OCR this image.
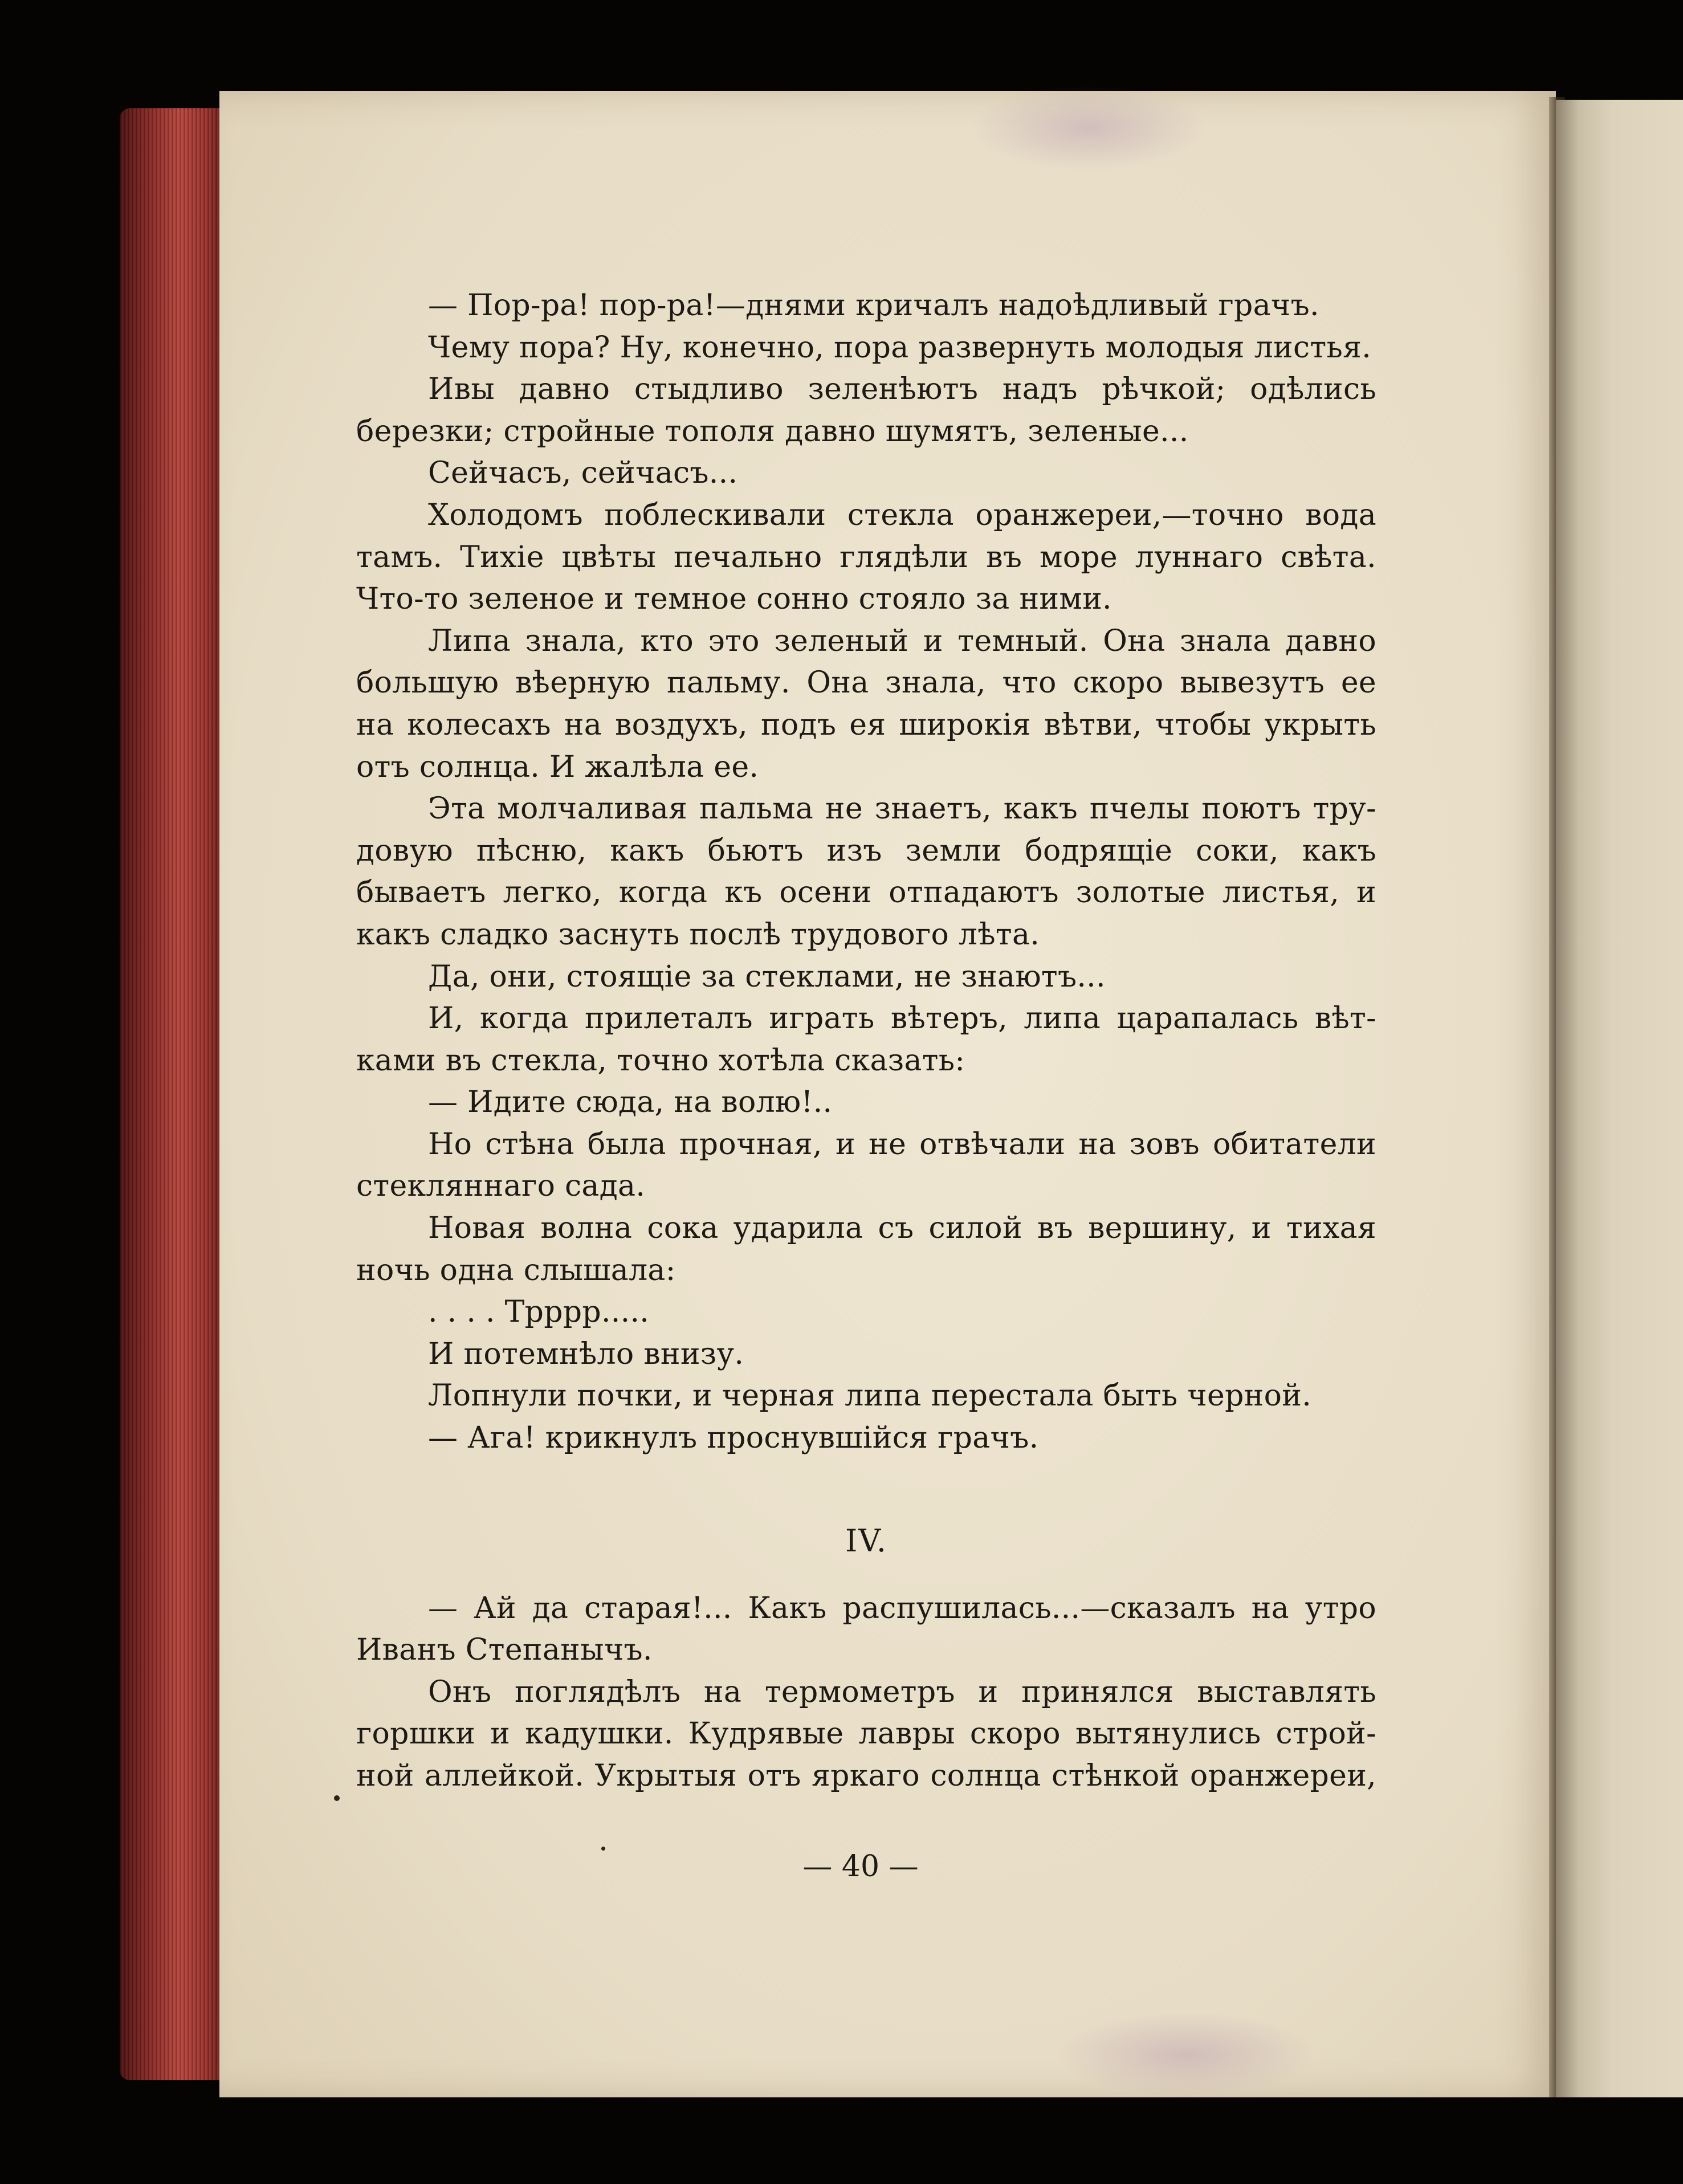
— Пор-ра! пор-ра!—днями кричалъ надоѣдливый грачъ.

Чему пора? Ну, конечно, пора развернуть молодыя листья.

Ивы давно стыдливо зеленѣютъ надъ рѣчкой; одѣлись

березки; стройные тополя давно шумятъ, зеленые...

Сейчасъ, сейчасъ...

Холодомъ поблескивали стекла оранжереи,—точно вода

тамъ. Тихіе цвѣты печально глядѣли въ море луннаго свѣта.

Что-то зеленое и темное сонно стояло за ними.

Липа знала, кто это зеленый и темный. Она знала давно

большую вѣерную пальму. Она знала, что скоро вывезутъ ее

на колесахъ на воздухъ, подъ ея широкія вѣтви, чтобы укрыть

отъ солнца. И жалѣла ее.

Эта молчаливая пальма не знаетъ, какъ пчелы поютъ тру-

довую пѣсню, какъ бьютъ изъ земли бодрящіе соки, какъ

бываетъ легко, когда къ осени отпадаютъ золотые листья, и

какъ сладко заснуть послѣ трудового лѣта.

Да, они, стоящіе за стеклами, не знаютъ...

И, когда прилеталъ играть вѣтеръ, липа царапалась вѣт-

ками въ стекла, точно хотѣла сказать:

— Идите сюда, на волю!..

Но стѣна была прочная, и не отвѣчали на зовъ обитатели

стекляннаго сада.

Новая волна сока ударила съ силой въ вершину, и тихая

ночь одна слышала:

. . . . Трррр.....

И потемнѣло внизу.

Лопнули почки, и черная липа перестала быть черной.

— Ага! крикнулъ проснувшійся грачъ.

IV.

— Ай да старая!... Какъ распушилась...—сказалъ на утро

Иванъ Степанычъ.

Онъ поглядѣлъ на термометръ и принялся выставлять

горшки и кадушки. Кудрявые лавры скоро вытянулись строй-

ной аллейкой. Укрытыя отъ яркаго солнца стѣнкой оранжереи,

— 40 —
